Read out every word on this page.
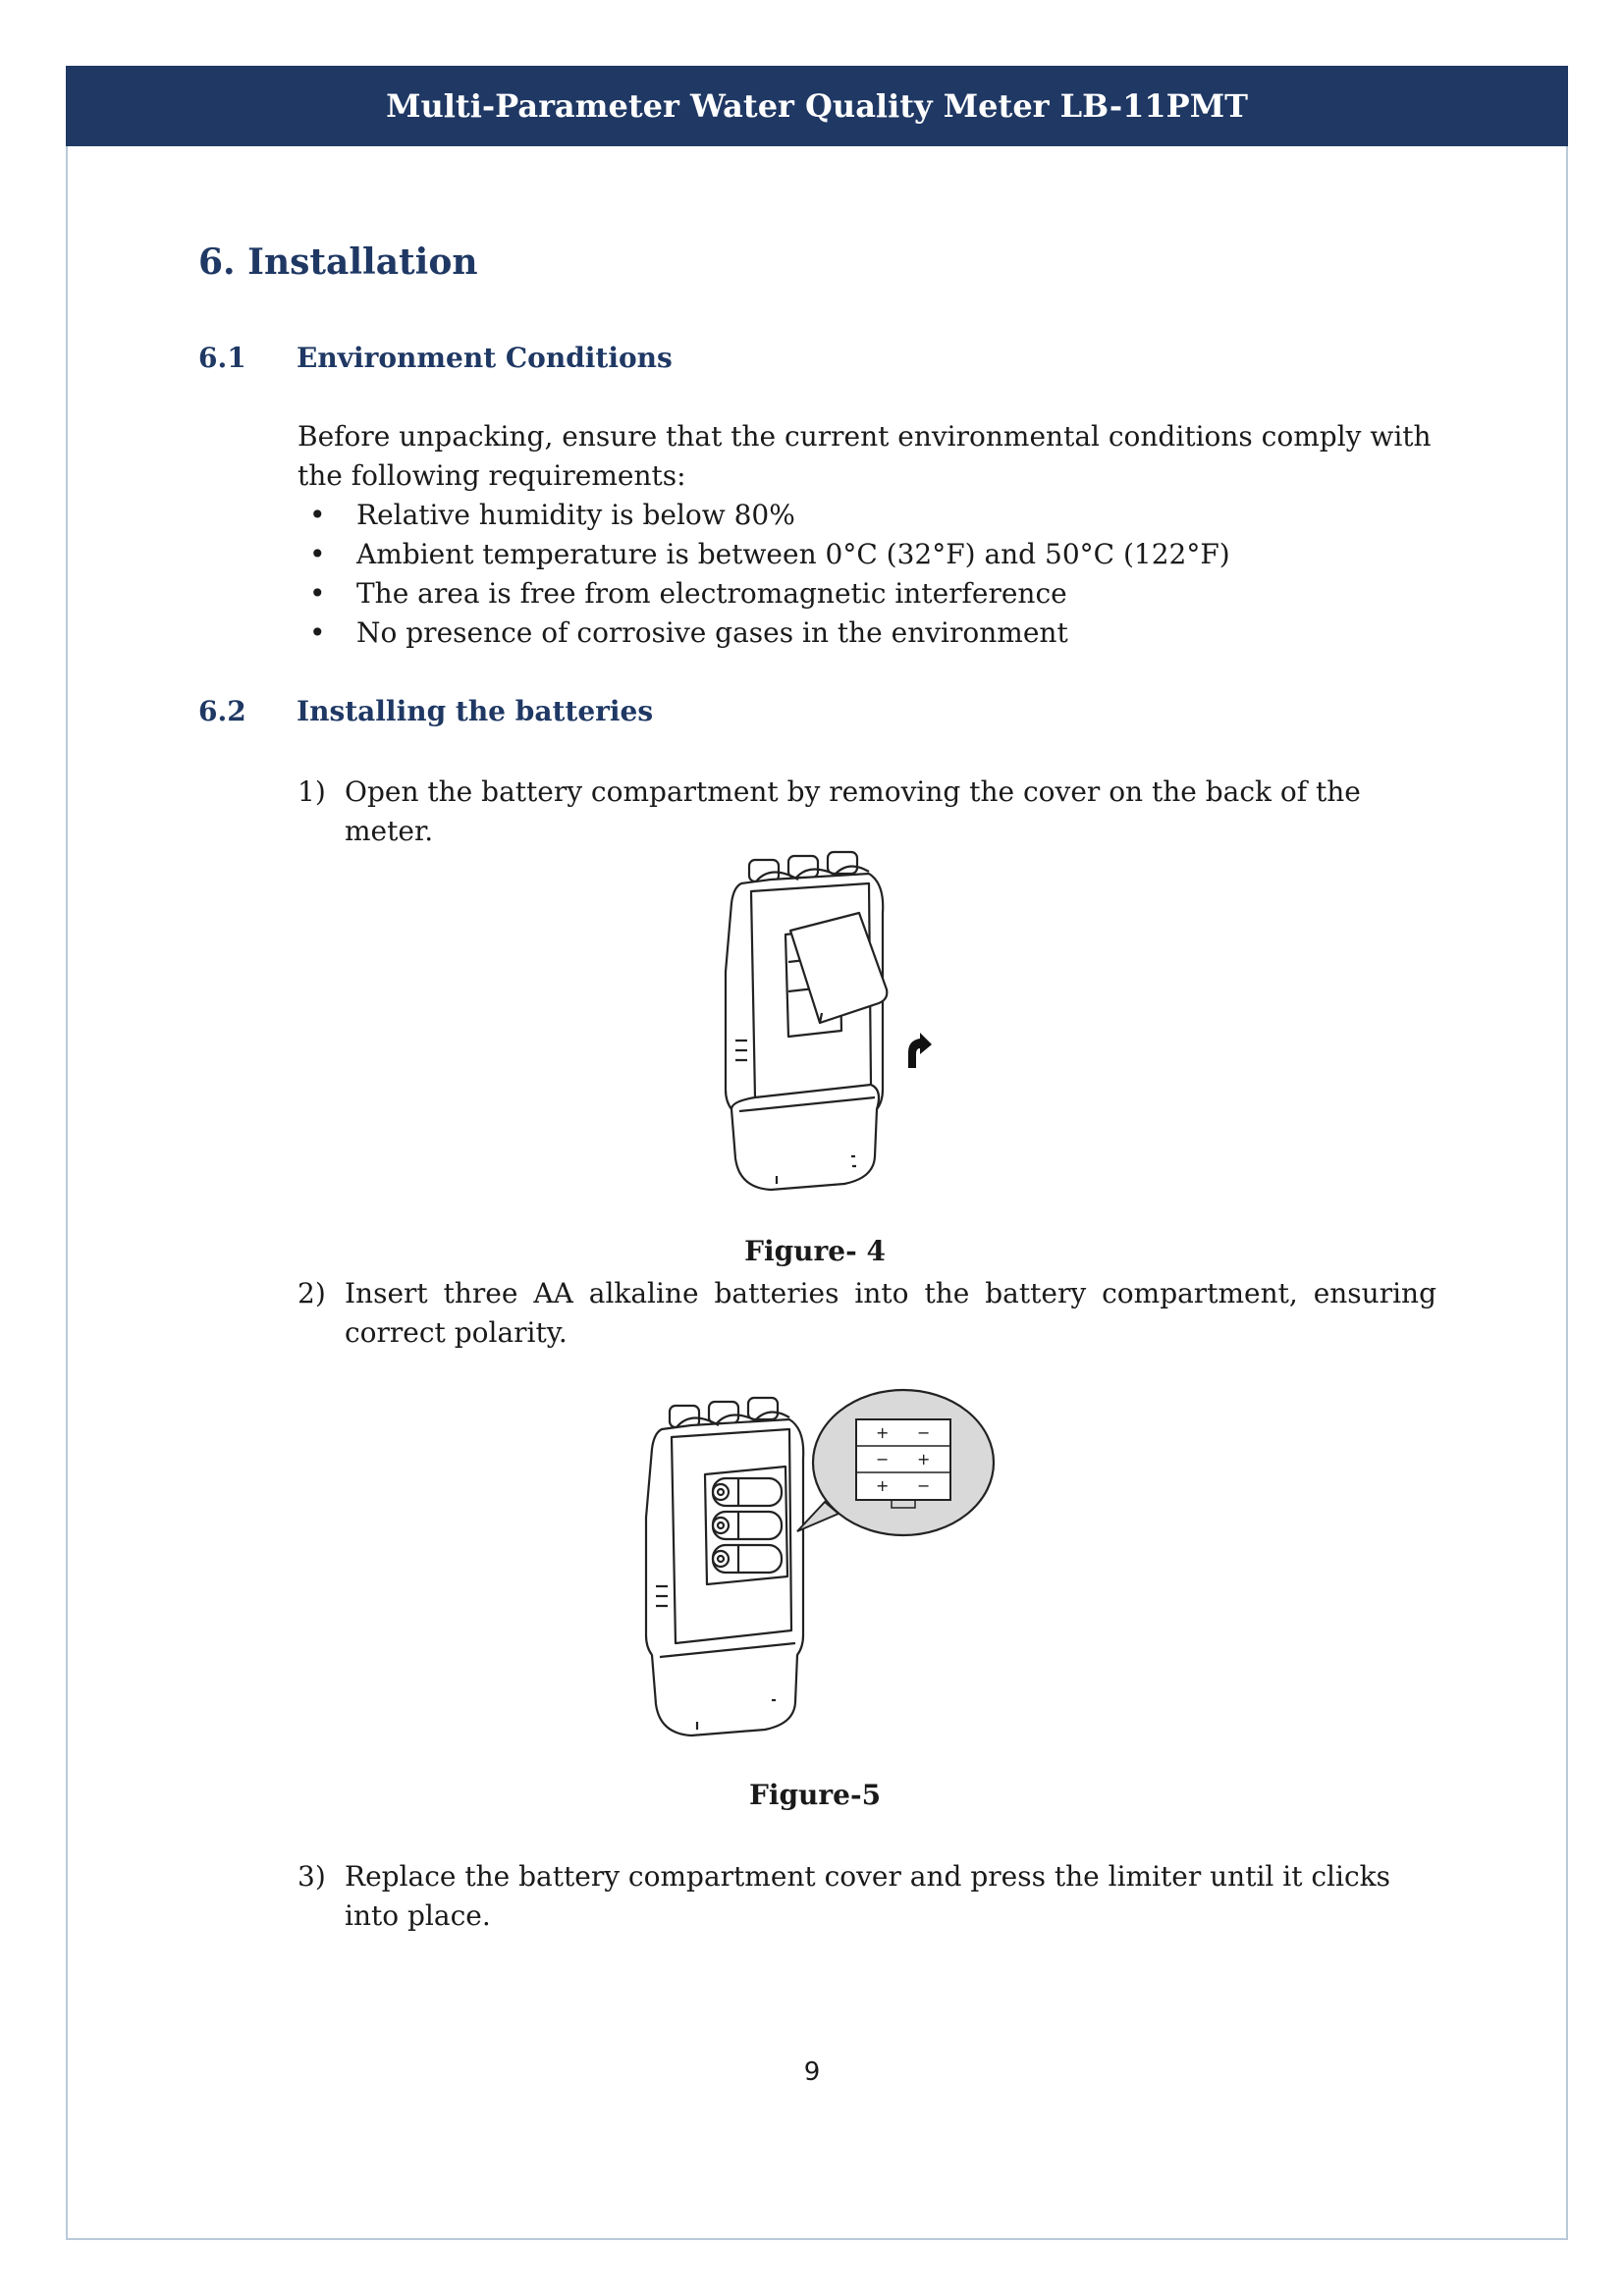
Multi-Parameter Water Quality Meter LB-11PMT
6. Installation
6.1	Environment Conditions
Before unpacking, ensure that the current environmental conditions comply with
the following requirements:
•	Relative humidity is below 80%
•	Ambient temperature is between 0°C (32°F) and 50°C (122°F)
•	The area is free from electromagnetic interference
•	No presence of corrosive gases in the environment
6.2	Installing the batteries
1) Open the battery compartment by removing the cover on the back of the meter.
Figure- 4
2) Insert three AA alkaline batteries into the battery compartment, ensuring correct polarity.
+ −
− +
+ −
Figure-5
3) Replace the battery compartment cover and press the limiter until it clicks into place.
9
